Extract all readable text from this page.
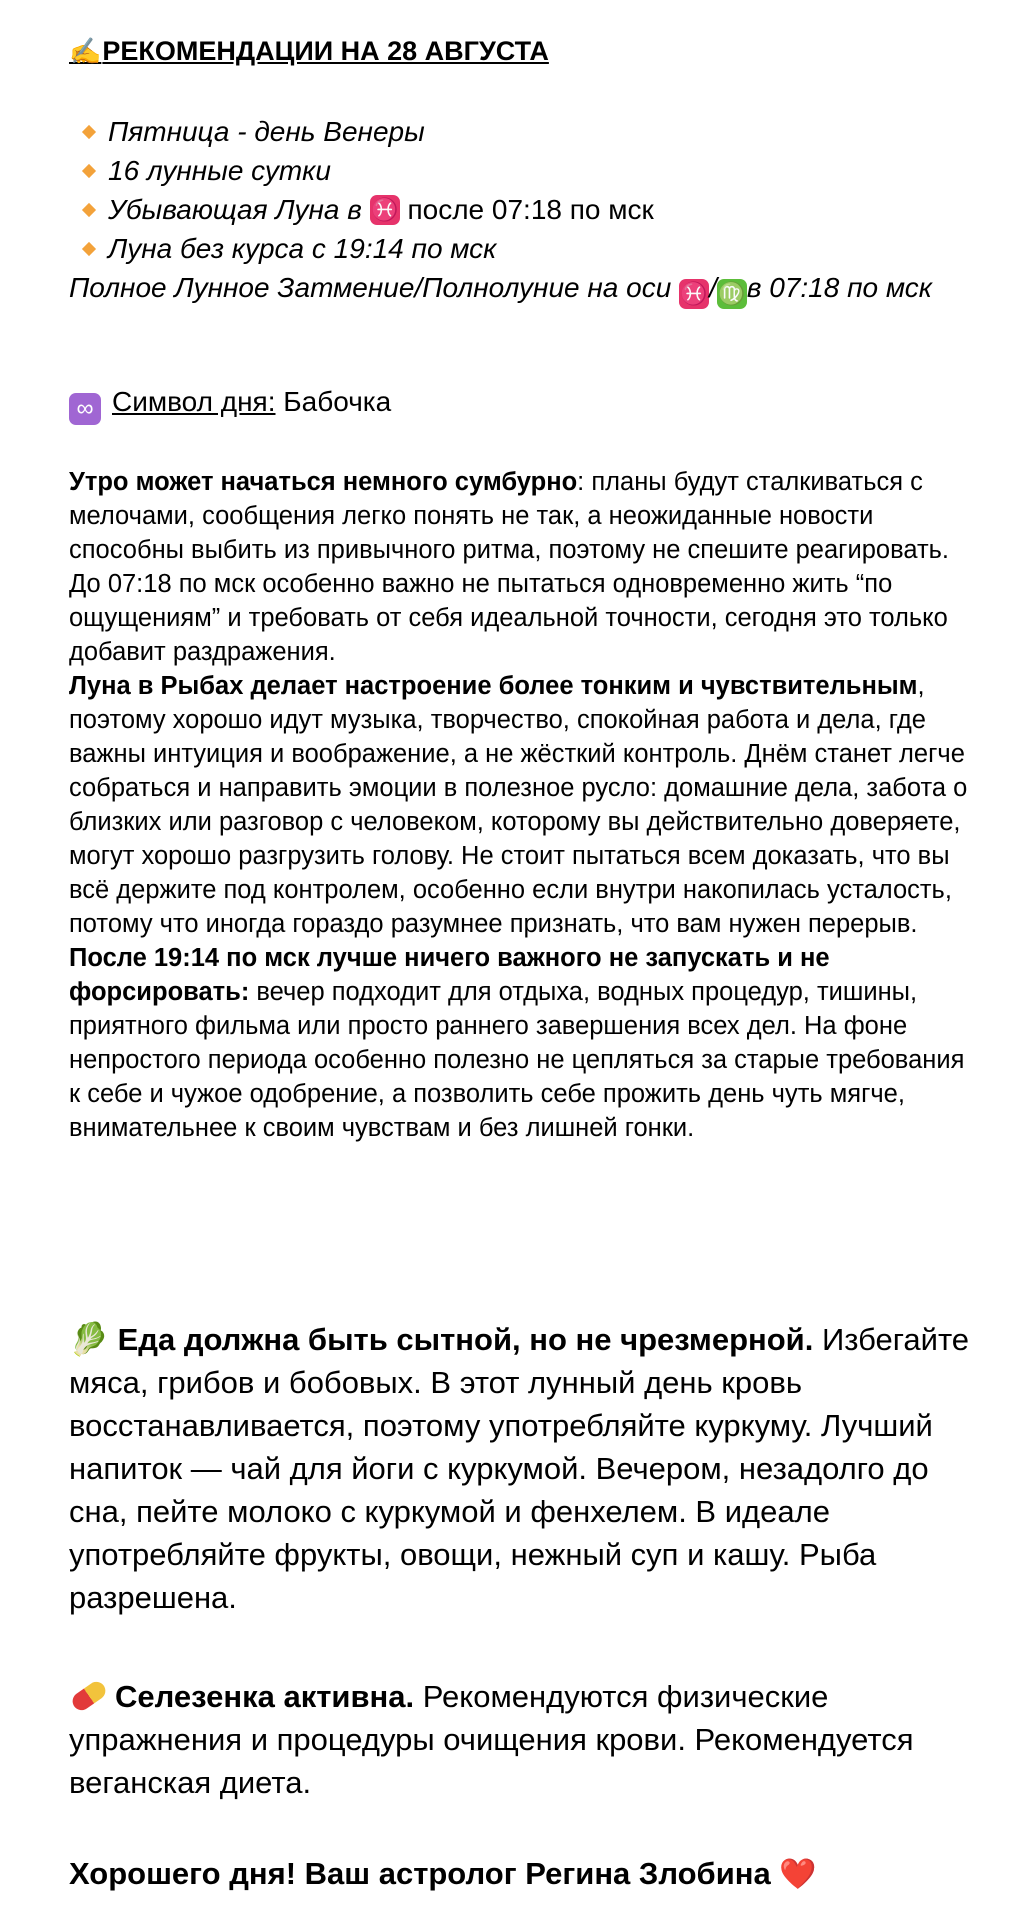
✍️РЕКОМЕНДАЦИИ НА 28 АВГУСТА
Пятница - день Венеры
16 лунные сутки
Убывающая Луна в
♓
после 07:18 по мск
Луна без курса с 19:14 по мск
Полное Лунное Затмение/Полнолуние на оси ♓/♍в 07:18 по мск
∞ Символ дня: Бабочка
Утро может начаться немного сумбурно: планы будут сталкиваться с мелочами, сообщения легко понять не так, а неожиданные новости способны выбить из привычного ритма, поэтому не спешите реагировать. До 07:18 по мск особенно важно не пытаться одновременно жить “по ощущениям” и требовать от себя идеальной точности, сегодня это только добавит раздражения.
Луна в Рыбах делает настроение более тонким и чувствительным, поэтому хорошо идут музыка, творчество, спокойная работа и дела, где важны интуиция и воображение, а не жёсткий контроль. Днём станет легче собраться и направить эмоции в полезное русло: домашние дела, забота о близких или разговор с человеком, которому вы действительно доверяете, могут хорошо разгрузить голову. Не стоит пытаться всем доказать, что вы всё держите под контролем, особенно если внутри накопилась усталость, потому что иногда гораздо разумнее признать, что вам нужен перерыв.
После 19:14 по мск лучше ничего важного не запускать и не форсировать: вечер подходит для отдыха, водных процедур, тишины, приятного фильма или просто раннего завершения всех дел. На фоне непростого периода особенно полезно не цепляться за старые требования к себе и чужое одобрение, а позволить себе прожить день чуть мягче, внимательнее к своим чувствам и без лишней гонки.
🥬 Еда должна быть сытной, но не чрезмерной. Избегайте мяса, грибов и бобовых. В этот лунный день кровь восстанавливается, поэтому употребляйте куркуму. Лучший напиток — чай для йоги с куркумой. Вечером, незадолго до сна, пейте молоко с куркумой и фенхелем. В идеале употребляйте фрукты, овощи, нежный суп и кашу. Рыба разрешена.
Селезенка активна. Рекомендуются физические упражнения и процедуры очищения крови. Рекомендуется веганская диета.
Хорошего дня! Ваш астролог Регина Злобина ❤️
